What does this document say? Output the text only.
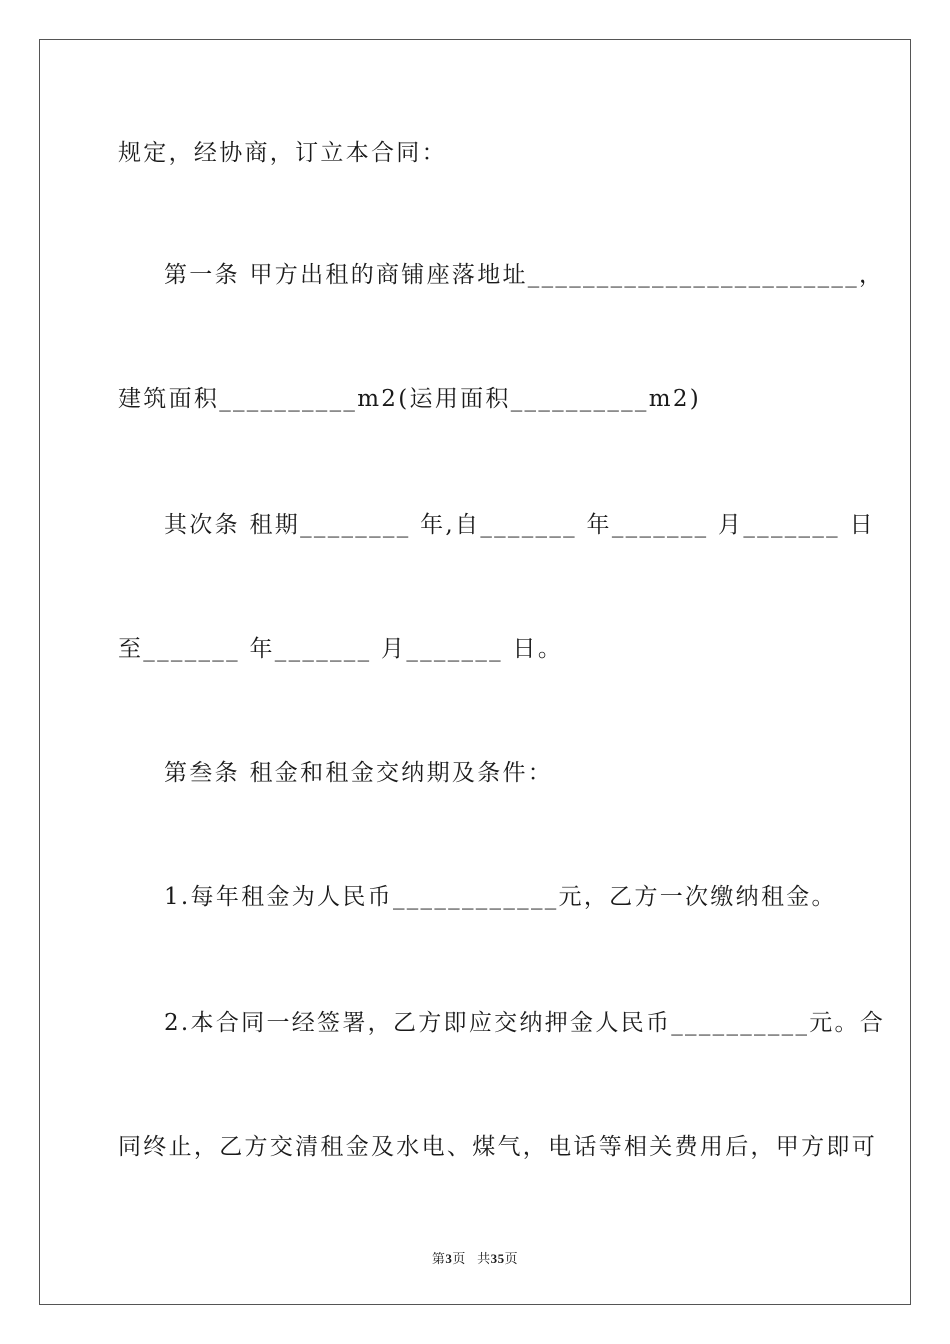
规定，经协商，订立本合同：
第一条 甲方出租的商铺座落地址________________________，
建筑面积__________m2(运用面积__________m2)
其次条 租期________ 年,自_______ 年_______ 月_______ 日
至_______ 年_______ 月_______ 日。
第叁条 租金和租金交纳期及条件：
1.每年租金为人民币____________元，乙方一次缴纳租金。
2.本合同一经签署，乙方即应交纳押金人民币__________元。合
同终止，乙方交清租金及水电、煤气，电话等相关费用后，甲方即可
第3页   共35页
